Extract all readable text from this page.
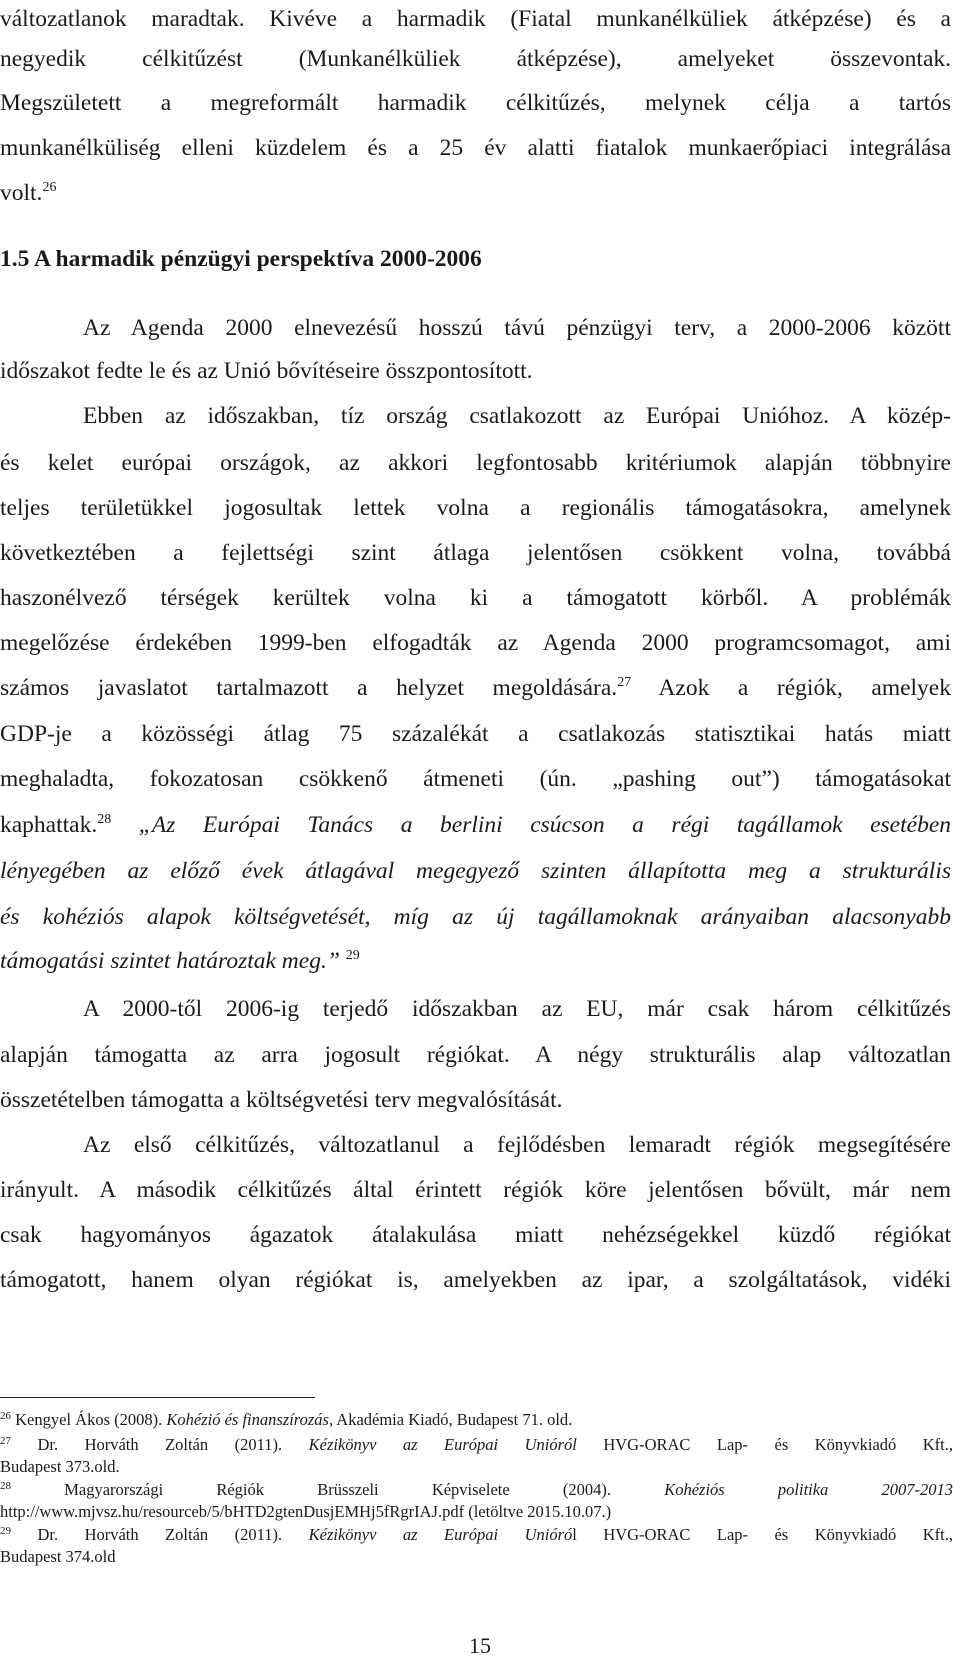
változatlanok maradtak. Kivéve a harmadik (Fiatal munkanélküliek átképzése) és a
negyedik célkitűzést (Munkanélküliek átképzése), amelyeket összevontak.
Megszületett a megreformált harmadik célkitűzés, melynek célja a tartós
munkanélküliség elleni küzdelem és a 25 év alatti fiatalok munkaerőpiaci integrálása
volt.$^{26}$
1.5 A harmadik pénzügyi perspektíva 2000-2006
Az Agenda 2000 elnevezésű hosszú távú pénzügyi terv, a 2000-2006 között
időszakot fedte le és az Unió bővítéseire összpontosított.
Ebben az időszakban, tíz ország csatlakozott az Európai Unióhoz. A közép-
és kelet európai országok, az akkori legfontosabb kritériumok alapján többnyire
teljes területükkel jogosultak lettek volna a regionális támogatásokra, amelynek
következtében a fejlettségi szint átlaga jelentősen csökkent volna, továbbá
haszonélvező térségek kerültek volna ki a támogatott körből. A problémák
megelőzése érdekében 1999-ben elfogadták az Agenda 2000 programcsomagot, ami
számos javaslatot tartalmazott a helyzet megoldására.$^{27}$ Azok a régiók, amelyek
GDP-je a közösségi átlag 75 százalékát a csatlakozás statisztikai hatás miatt
meghaladta, fokozatosan csökkenő átmeneti (ún. „pashing out”) támogatásokat
kaphattak.$^{28}$ „Az Európai Tanács a berlini csúcson a régi tagállamok esetében
lényegében az előző évek átlagával megegyező szinten állapította meg a strukturális
és kohéziós alapok költségvetését, míg az új tagállamoknak arányaiban alacsonyabb
támogatási szintet határoztak meg.” $^{29}$
A 2000-től 2006-ig terjedő időszakban az EU, már csak három célkitűzés
alapján támogatta az arra jogosult régiókat. A négy strukturális alap változatlan
összetételben támogatta a költségvetési terv megvalósítását.
Az első célkitűzés, változatlanul a fejlődésben lemaradt régiók megsegítésére
irányult. A második célkitűzés által érintett régiók köre jelentősen bővült, már nem
csak hagyományos ágazatok átalakulása miatt nehézségekkel küzdő régiókat
támogatott, hanem olyan régiókat is, amelyekben az ipar, a szolgáltatások, vidéki
$^{26}$ Kengyel Ákos (2008). Kohézió és finanszírozás, Akadémia Kiadó, Budapest 71. old.
$^{27}$ Dr. Horváth Zoltán (2011). Kézikönyv az Európai Unióról HVG-ORAC Lap- és Könyvkiadó Kft.,
Budapest 373.old.
$^{28}$	Magyarországi Régiók Brüsszeli Képviselete (2004). Kohéziós politika 2007-2013
http://www.mjvsz.hu/resourceb/5/bHTD2gtenDusjEMHj5fRgrIAJ.pdf (letöltve 2015.10.07.)
$^{29}$ Dr. Horváth Zoltán (2011). Kézikönyv az Európai Unióról HVG-ORAC Lap- és Könyvkiadó Kft.,
Budapest 374.old
15
